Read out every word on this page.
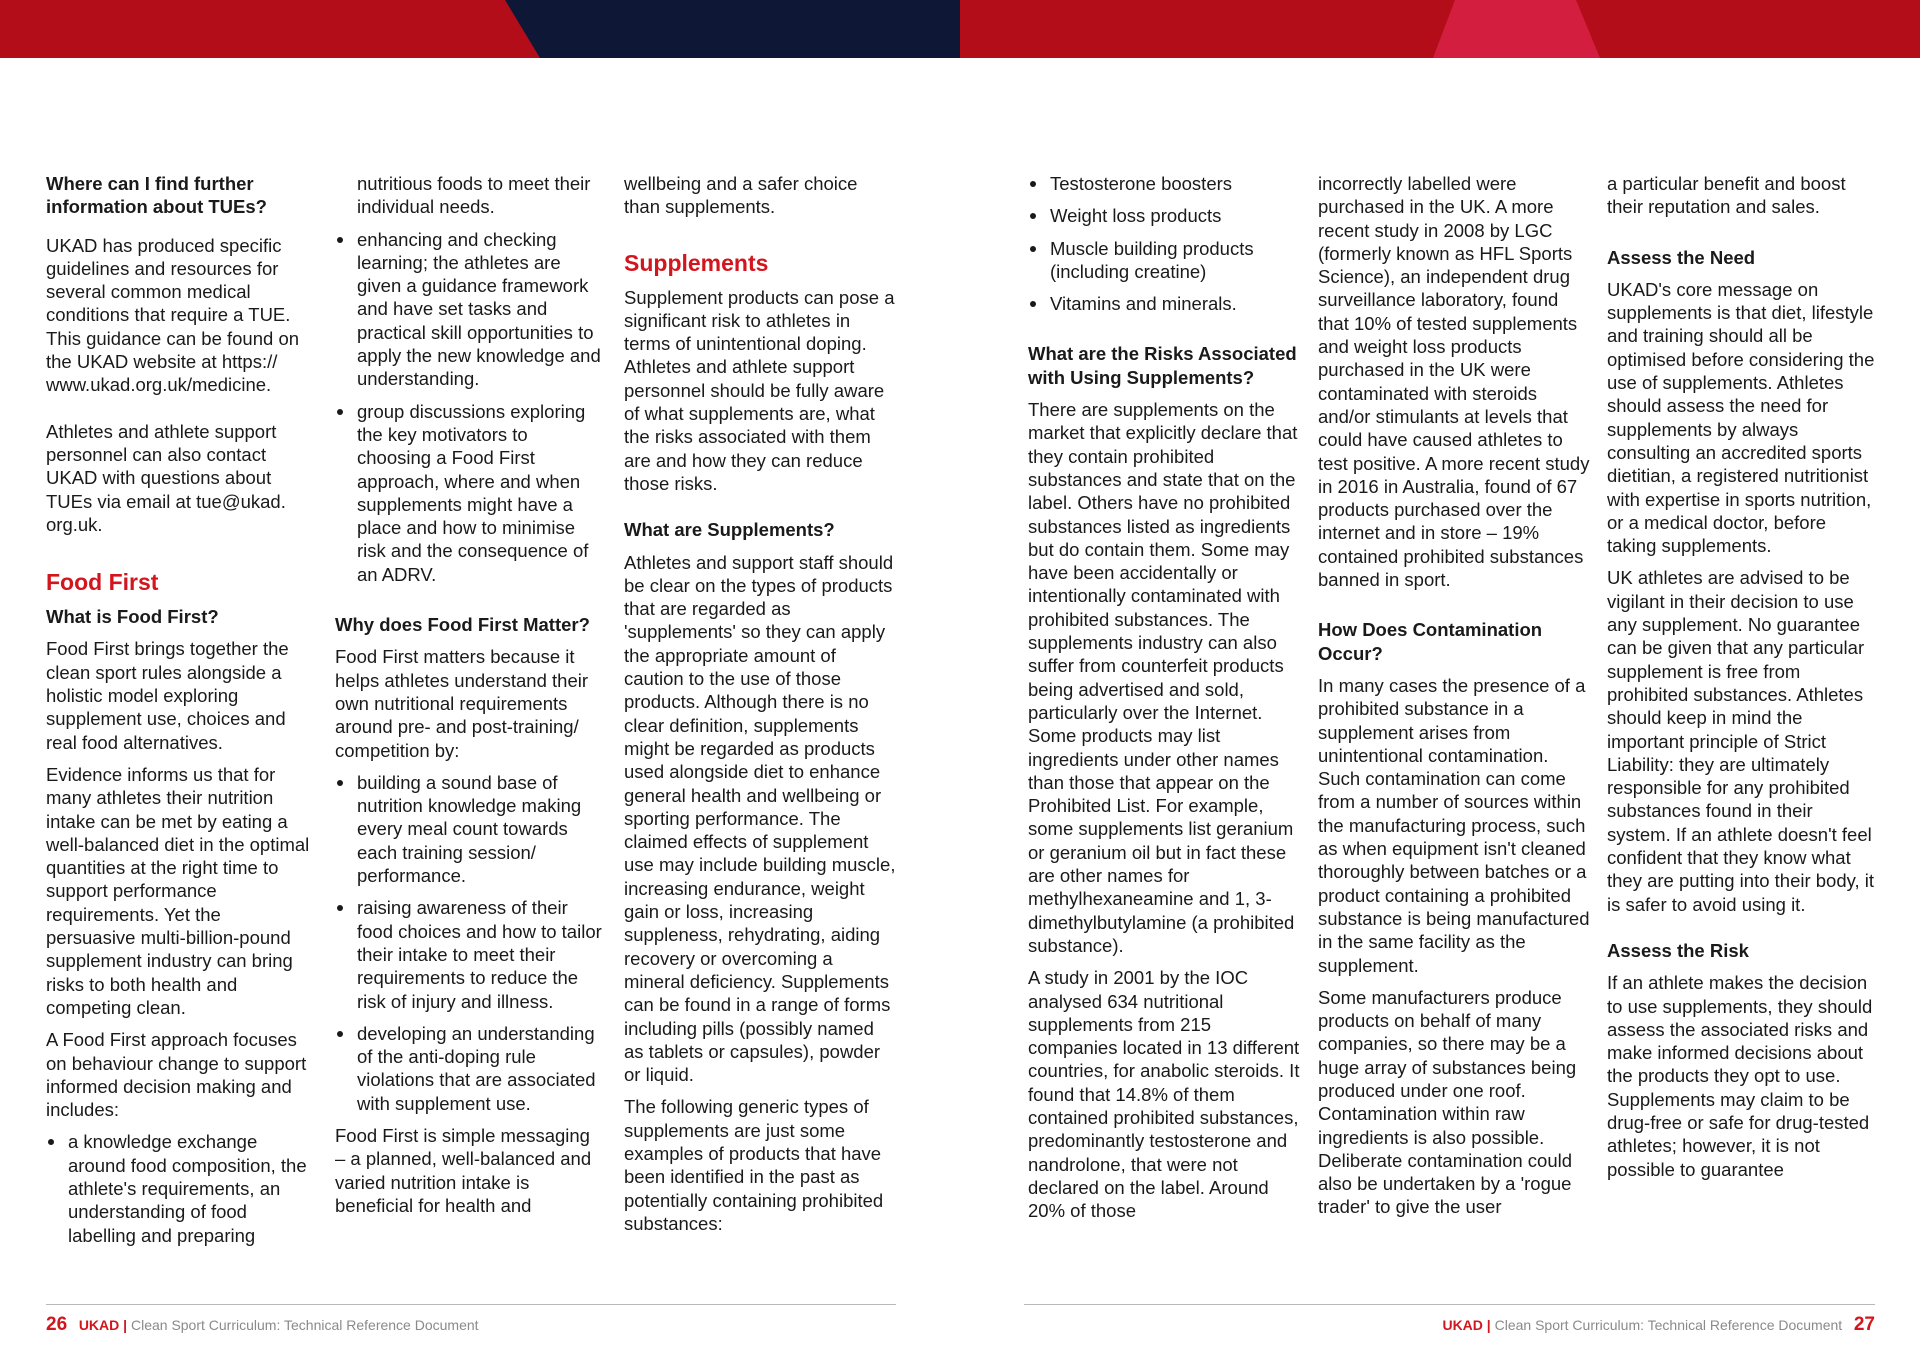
Where can I find further information about TUEs?

UKAD has produced specific guidelines and resources for several common medical conditions that require a TUE. This guidance can be found on the UKAD website at https:// www.ukad.org.uk/medicine.

Athletes and athlete support personnel can also contact UKAD with questions about TUEs via email at tue@ukad. org.uk.

Food First

What is Food First?

Food First brings together the clean sport rules alongside a holistic model exploring supplement use, choices and real food alternatives.

Evidence informs us that for many athletes their nutrition intake can be met by eating a well-balanced diet in the optimal quantities at the right time to support performance requirements. Yet the persuasive multi-billion-pound supplement industry can bring risks to both health and competing clean.

A Food First approach focuses on behaviour change to support informed decision making and includes:

a knowledge exchange around food composition, the athlete's requirements, an understanding of food labelling and preparing
nutritious foods to meet their individual needs.
enhancing and checking learning; the athletes are given a guidance framework and have set tasks and practical skill opportunities to apply the new knowledge and understanding.
group discussions exploring the key motivators to choosing a Food First approach, where and when supplements might have a place and how to minimise risk and the consequence of an ADRV.

Why does Food First Matter?

Food First matters because it helps athletes understand their own nutritional requirements around pre- and post-training/ competition by:

building a sound base of nutrition knowledge making every meal count towards each training session/ performance.
raising awareness of their food choices and how to tailor their intake to meet their requirements to reduce the risk of injury and illness.
developing an understanding of the anti-doping rule violations that are associated with supplement use.

Food First is simple messaging – a planned, well-balanced and varied nutrition intake is beneficial for health and

wellbeing and a safer choice than supplements.

Supplements

Supplement products can pose a significant risk to athletes in terms of unintentional doping. Athletes and athlete support personnel should be fully aware of what supplements are, what the risks associated with them are and how they can reduce those risks.

What are Supplements?

Athletes and support staff should be clear on the types of products that are regarded as 'supplements' so they can apply the appropriate amount of caution to the use of those products. Although there is no clear definition, supplements might be regarded as products used alongside diet to enhance general health and wellbeing or sporting performance. The claimed effects of supplement use may include building muscle, increasing endurance, weight gain or loss, increasing suppleness, rehydrating, aiding recovery or overcoming a mineral deficiency. Supplements can be found in a range of forms including pills (possibly named as tablets or capsules), powder or liquid.

The following generic types of supplements are just some examples of products that have been identified in the past as potentially containing prohibited substances:

26 UKAD | Clean Sport Curriculum: Technical Reference Document
Testosterone boosters
Weight loss products
Muscle building products (including creatine)
Vitamins and minerals.

What are the Risks Associated with Using Supplements?

There are supplements on the market that explicitly declare that they contain prohibited substances and state that on the label. Others have no prohibited substances listed as ingredients but do contain them. Some may have been accidentally or intentionally contaminated with prohibited substances. The supplements industry can also suffer from counterfeit products being advertised and sold, particularly over the Internet. Some products may list ingredients under other names than those that appear on the Prohibited List. For example, some supplements list geranium or geranium oil but in fact these are other names for methylhexaneamine and 1, 3-dimethylbutylamine (a prohibited substance).

A study in 2001 by the IOC analysed 634 nutritional supplements from 215 companies located in 13 different countries, for anabolic steroids. It found that 14.8% of them contained prohibited substances, predominantly testosterone and nandrolone, that were not declared on the label. Around 20% of those

incorrectly labelled were purchased in the UK. A more recent study in 2008 by LGC (formerly known as HFL Sports Science), an independent drug surveillance laboratory, found that 10% of tested supplements and weight loss products purchased in the UK were contaminated with steroids and/or stimulants at levels that could have caused athletes to test positive. A more recent study in 2016 in Australia, found of 67 products purchased over the internet and in store – 19% contained prohibited substances banned in sport.

How Does Contamination Occur?

In many cases the presence of a prohibited substance in a supplement arises from unintentional contamination. Such contamination can come from a number of sources within the manufacturing process, such as when equipment isn't cleaned thoroughly between batches or a product containing a prohibited substance is being manufactured in the same facility as the supplement.

Some manufacturers produce products on behalf of many companies, so there may be a huge array of substances being produced under one roof. Contamination within raw ingredients is also possible. Deliberate contamination could also be undertaken by a 'rogue trader' to give the user

a particular benefit and boost their reputation and sales.

Assess the Need

UKAD's core message on supplements is that diet, lifestyle and training should all be optimised before considering the use of supplements. Athletes should assess the need for supplements by always consulting an accredited sports dietitian, a registered nutritionist with expertise in sports nutrition, or a medical doctor, before taking supplements.

UK athletes are advised to be vigilant in their decision to use any supplement. No guarantee can be given that any particular supplement is free from prohibited substances. Athletes should keep in mind the important principle of Strict Liability: they are ultimately responsible for any prohibited substances found in their system. If an athlete doesn't feel confident that they know what they are putting into their body, it is safer to avoid using it.

Assess the Risk

If an athlete makes the decision to use supplements, they should assess the associated risks and make informed decisions about the products they opt to use. Supplements may claim to be drug-free or safe for drug-tested athletes; however, it is not possible to guarantee

UKAD | Clean Sport Curriculum: Technical Reference Document 27
